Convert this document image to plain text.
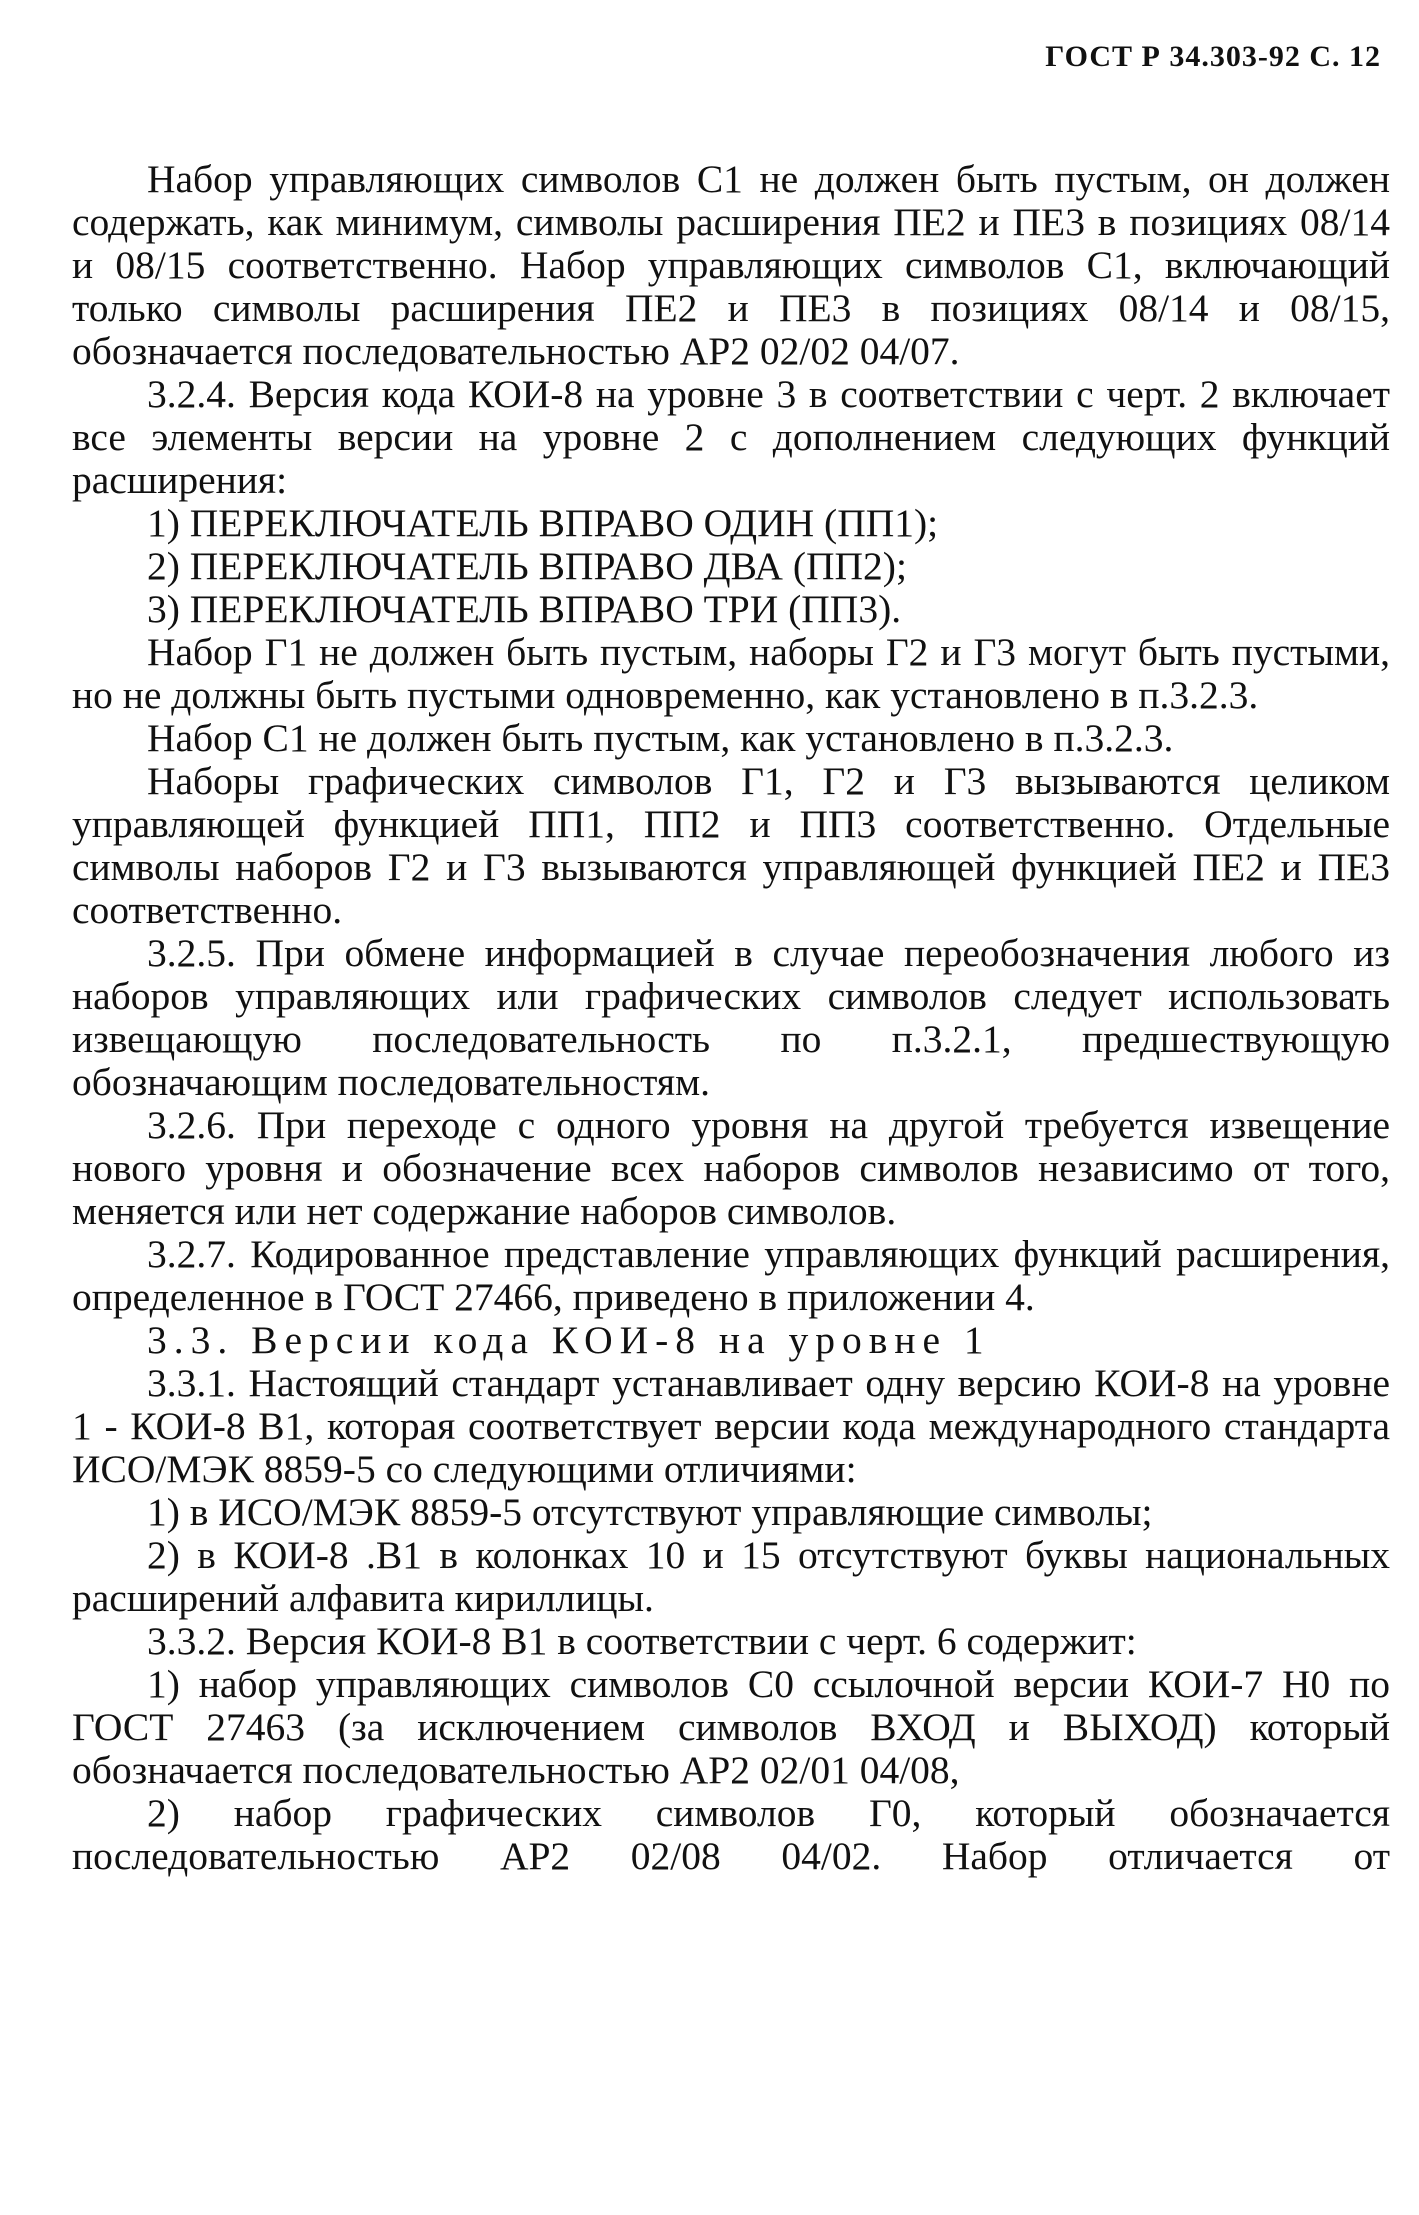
ГОСТ Р 34.303-92 С. 12

Набор управляющих символов С1 не должен быть пустым, он должен содержать, как минимум, символы расширения ПЕ2 и ПЕ3 в позициях 08/14 и 08/15 соответственно. Набор управляющих символов С1, включающий только символы расширения ПЕ2 и ПЕ3 в позициях 08/14 и 08/15, обозначается последовательностью АР2 02/02 04/07.

3.2.4. Версия кода КОИ-8 на уровне 3 в соответствии с черт. 2 включает все элементы версии на уровне 2 с дополнением следующих функций расширения:

1) ПЕРЕКЛЮЧАТЕЛЬ ВПРАВО ОДИН (ПП1);

2) ПЕРЕКЛЮЧАТЕЛЬ ВПРАВО ДВА (ПП2);

3) ПЕРЕКЛЮЧАТЕЛЬ ВПРАВО ТРИ (ПП3).

Набор Г1 не должен быть пустым, наборы Г2 и Г3 могут быть пустыми, но не должны быть пустыми одновременно, как установлено в п.3.2.3.

Набор С1 не должен быть пустым, как установлено в п.3.2.3.

Наборы графических символов Г1, Г2 и Г3 вызываются целиком управляющей функцией ПП1, ПП2 и ПП3 соответственно. Отдельные символы наборов Г2 и Г3 вызываются управляющей функцией ПЕ2 и ПЕ3 соответственно.

3.2.5. При обмене информацией в случае переобозначения любого из наборов управляющих или графических символов следует использовать извещающую последовательность по п.3.2.1, предшествующую обозначающим последовательностям.

3.2.6. При переходе с одного уровня на другой требуется извещение нового уровня и обозначение всех наборов символов независимо от того, меняется или нет содержание наборов символов.

3.2.7. Кодированное представление управляющих функций расширения, определенное в ГОСТ 27466, приведено в приложении 4.

3.3. Версии кода КОИ-8 на уровне 1

3.3.1. Настоящий стандарт устанавливает одну версию КОИ-8 на уровне 1 - КОИ-8 В1, которая соответствует версии кода международного стандарта ИСО/МЭК 8859-5 со следующими отличиями:

1) в ИСО/МЭК 8859-5 отсутствуют управляющие символы;

2) в КОИ-8 .В1 в колонках 10 и 15 отсутствуют буквы национальных расширений алфавита кириллицы.

3.3.2. Версия КОИ-8 В1 в соответствии с черт. 6 содержит:

1) набор управляющих символов С0 ссылочной версии КОИ-7 Н0 по ГОСТ 27463 (за исключением символов ВХОД и ВЫХОД) который обозначается последовательностью АР2 02/01 04/08,

2) набор графических символов Г0, который обозначается последовательностью АР2 02/08 04/02. Набор отличается от
